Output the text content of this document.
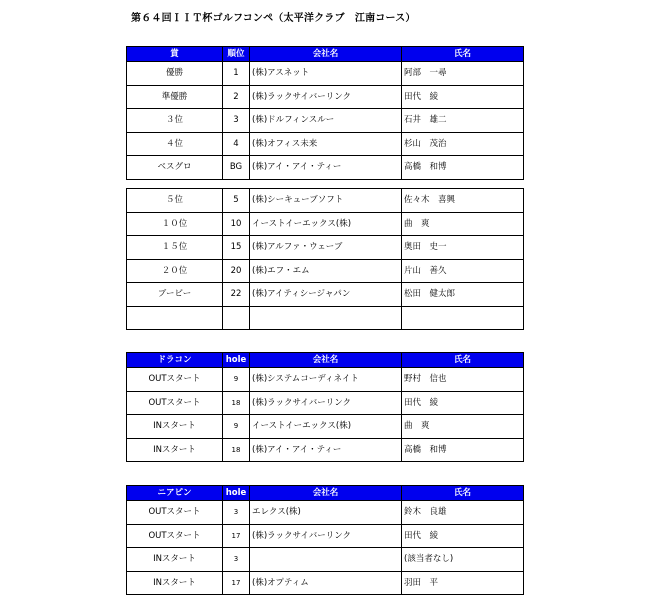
第６４回ＩＩＴ杯ゴルフコンペ（太平洋クラブ　江南コース）
賞	順位	会社名	氏名
優勝	1	(株)アスネット	阿部　一尋
準優勝	2	(株)ラックサイバーリンク	田代　綾
３位	3	(株)ドルフィンスルー	石井　雄二
４位	4	(株)オフィス未来	杉山　茂治
ベスグロ	BG	(株)アイ・アイ・ティー	高橋　和博
５位	5	(株)シーキューブソフト	佐々木　喜興
１０位	10	イーストイーエックス(株)	曲　爽
１５位	15	(株)アルファ・ウェーブ	奥田　史一
２０位	20	(株)エフ・エム	片山　善久
ブービー	22	(株)アイティシージャパン	松田　健太郎

ドラコン	hole	会社名	氏名
OUTスタート	9	(株)システムコーディネイト	野村　信也
OUTスタート	18	(株)ラックサイバーリンク	田代　綾
INスタート	9	イーストイーエックス(株)	曲　爽
INスタート	18	(株)アイ・アイ・ティー	高橋　和博
ニアピン	hole	会社名	氏名
OUTスタート	3	エレクス(株)	鈴木　良雄
OUTスタート	17	(株)ラックサイバーリンク	田代　綾
INスタート	3		(該当者なし)
INスタート	17	(株)オプティム	羽田　平
